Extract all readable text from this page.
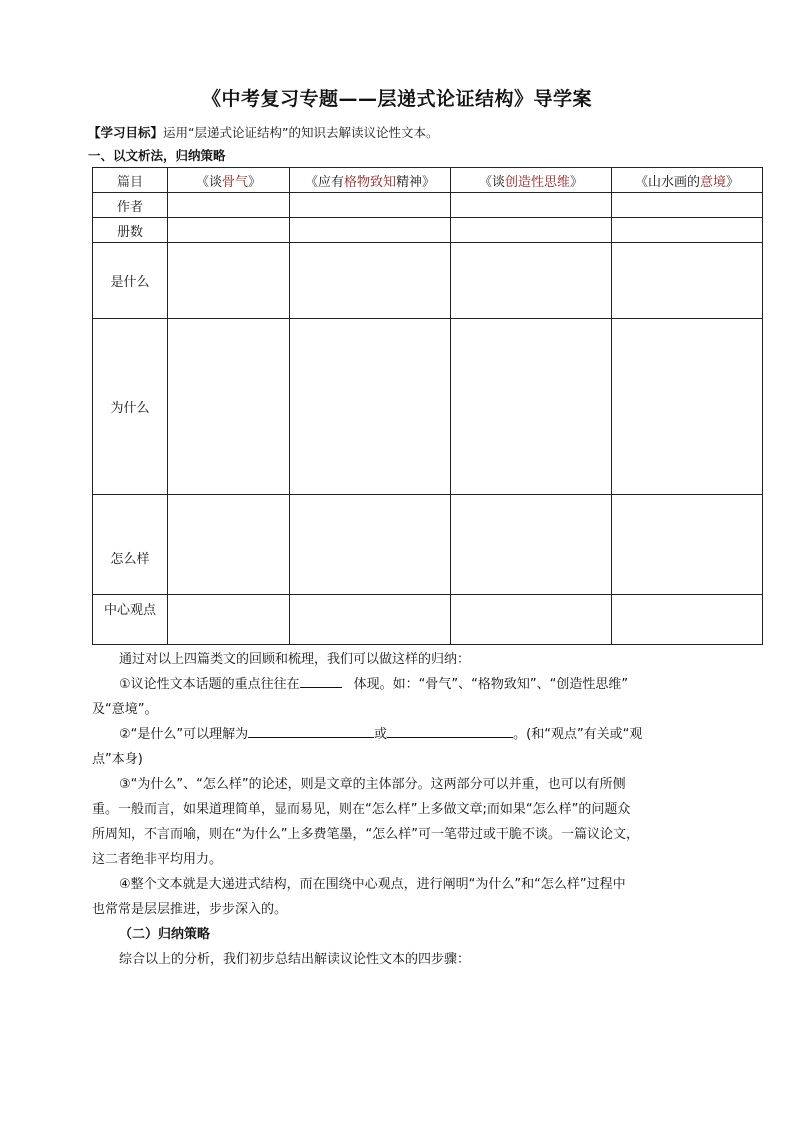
《中考复习专题——层递式论证结构》导学案
【学习目标】运用“层递式论证结构”的知识去解读议论性文本。
一、以文析法，归纳策略
篇目	《谈骨气》	《应有格物致知精神》	《谈创造性思维》	《山水画的意境》
作者				
册数				
是什么				
为什么				
怎么样				
中心观点				
通过对以上四篇类文的回顾和梳理，我们可以做这样的归纳：
①议论性文本话题的重点往往在	体现。如：“骨气”、“格物致知”、“创造性思维”
及“意境”。
②“是什么”可以理解为	或	。(和“观点”有关或“观
点”本身)
③“为什么”、“怎么样”的论述，则是文章的主体部分。这两部分可以并重，也可以有所侧
重。一般而言，如果道理简单，显而易见，则在“怎么样”上多做文章;而如果“怎么样”的问题众
所周知，不言而喻，则在“为什么”上多费笔墨，“怎么样”可一笔带过或干脆不谈。一篇议论文，
这二者绝非平均用力。
④整个文本就是大递进式结构，而在围绕中心观点，进行阐明“为什么”和“怎么样”过程中
也常常是层层推进，步步深入的。
（二）归纳策略
综合以上的分析，我们初步总结出解读议论性文本的四步骤：
